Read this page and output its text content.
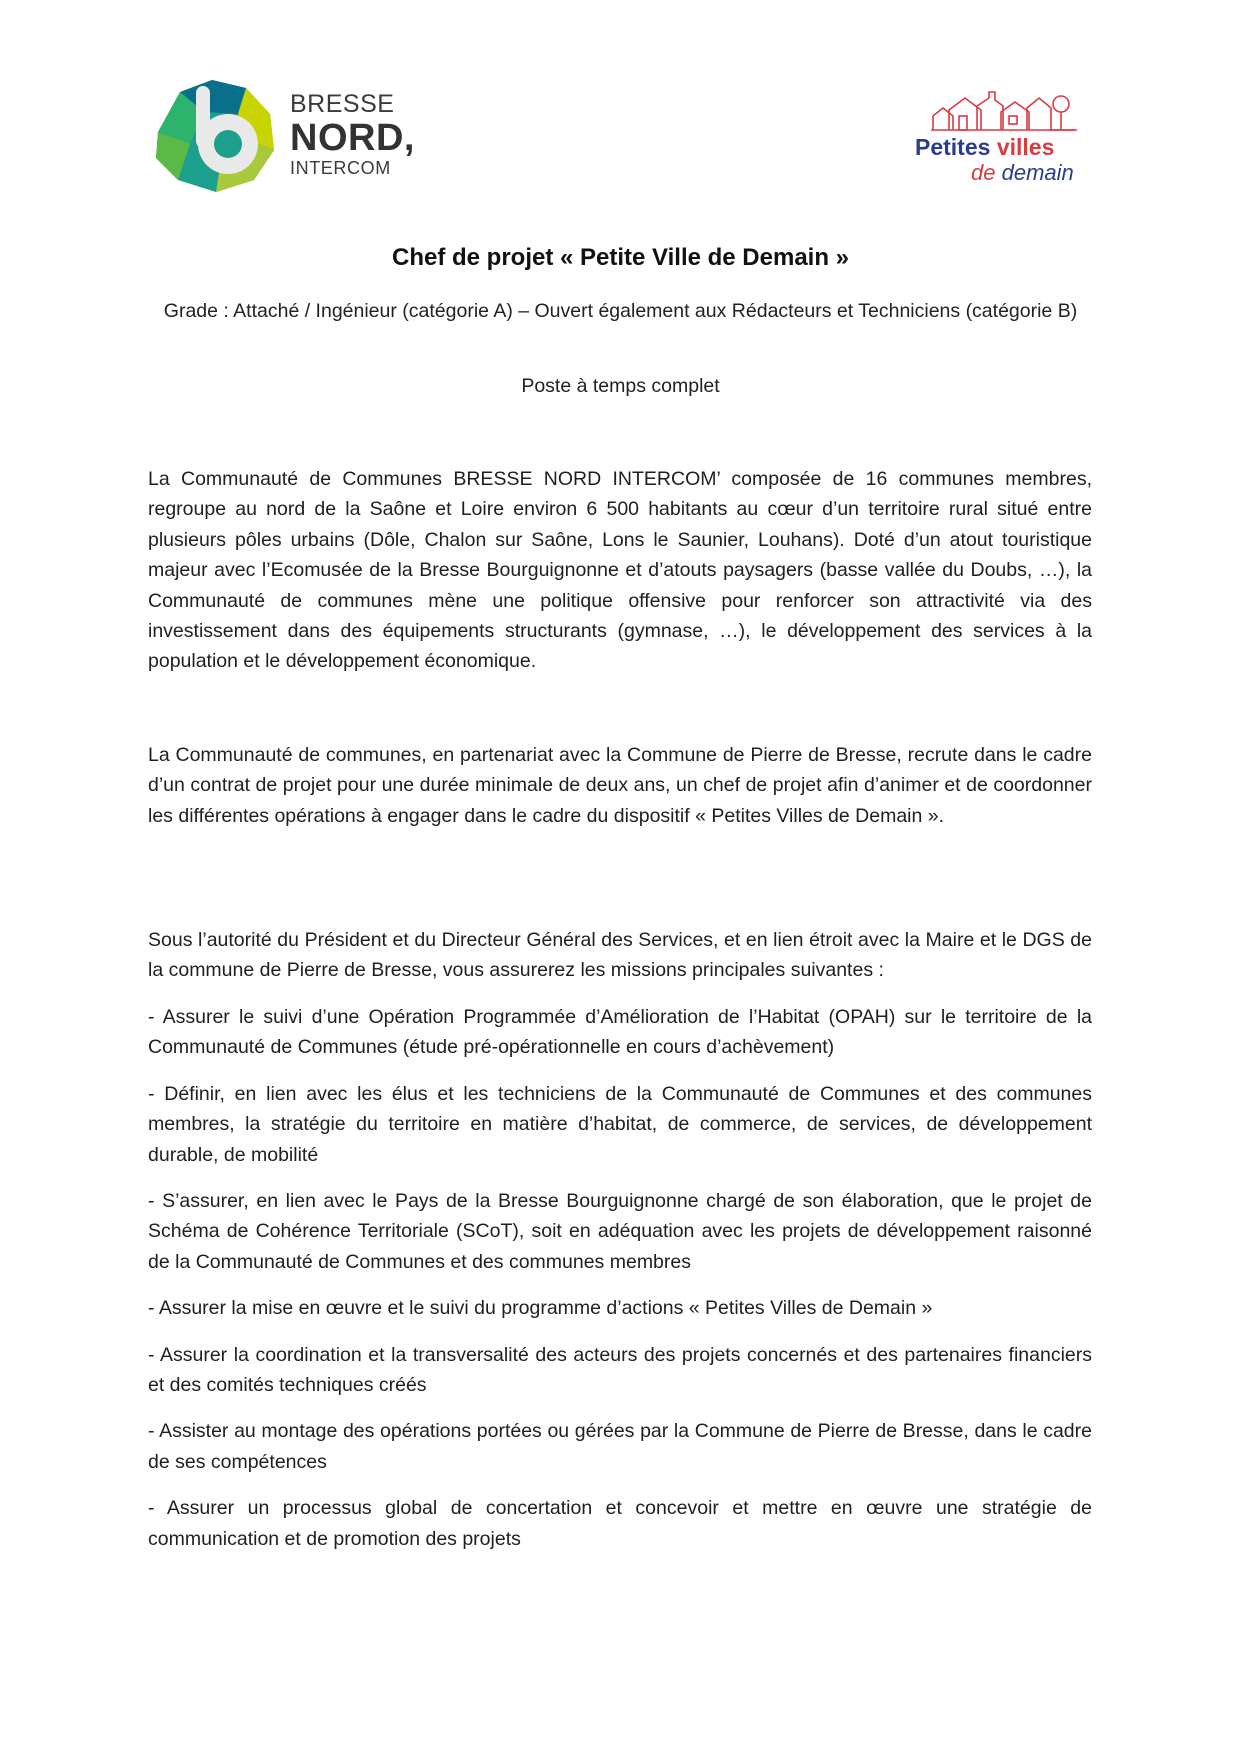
BRESSE
NORD,
INTERCOM
Petites villes
de demain
Chef de projet « Petite Ville de Demain »
Grade : Attaché / Ingénieur (catégorie A) – Ouvert également aux Rédacteurs et Techniciens (catégorie B)
Poste à temps complet

La Communauté de Communes BRESSE NORD INTERCOM’ composée de 16 communes membres, regroupe au nord de la Saône et Loire environ 6 500 habitants au cœur d’un territoire rural situé entre plusieurs pôles urbains (Dôle, Chalon sur Saône, Lons le Saunier, Louhans). Doté d’un atout touristique majeur avec l’Ecomusée de la Bresse Bourguignonne et d’atouts paysagers (basse vallée du Doubs, …), la Communauté de communes mène une politique offensive pour renforcer son attractivité via des investissement dans des équipements structurants (gymnase, …), le développement des services à la population et le développement économique.

La Communauté de communes, en partenariat avec la Commune de Pierre de Bresse, recrute dans le cadre d’un contrat de projet pour une durée minimale de deux ans, un chef de projet afin d’animer et de coordonner les différentes opérations à engager dans le cadre du dispositif « Petites Villes de Demain ».

Sous l’autorité du Président et du Directeur Général des Services, et en lien étroit avec la Maire et le DGS de la commune de Pierre de Bresse, vous assurerez les missions principales suivantes :

- Assurer le suivi d’une Opération Programmée d’Amélioration de l’Habitat (OPAH) sur le territoire de la Communauté de Communes (étude pré-opérationnelle en cours d’achèvement)

- Définir, en lien avec les élus et les techniciens de la Communauté de Communes et des communes membres, la stratégie du territoire en matière d’habitat, de commerce, de services, de développement durable, de mobilité

- S’assurer, en lien avec le Pays de la Bresse Bourguignonne chargé de son élaboration, que le projet de Schéma de Cohérence Territoriale (SCoT), soit en adéquation avec les projets de développement raisonné de la Communauté de Communes et des communes membres

- Assurer la mise en œuvre et le suivi du programme d’actions « Petites Villes de Demain »

- Assurer la coordination et la transversalité des acteurs des projets concernés et des partenaires financiers et des comités techniques créés

- Assister au montage des opérations portées ou gérées par la Commune de Pierre de Bresse, dans le cadre de ses compétences

- Assurer un processus global de concertation et concevoir et mettre en œuvre une stratégie de communication et de promotion des projets
